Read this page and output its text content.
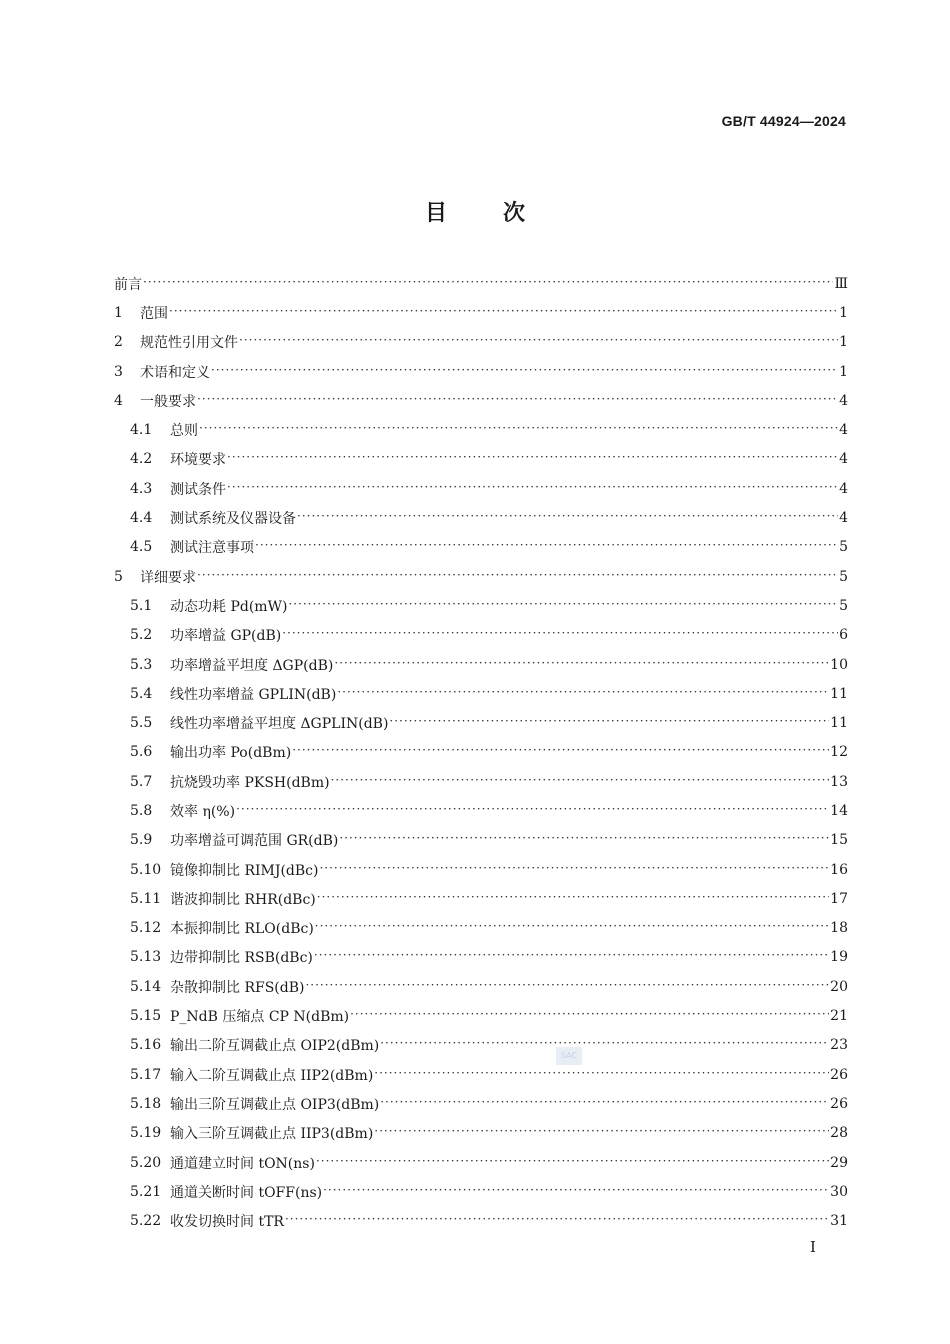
GB/T 44924—2024
目	次
前言 ·····	Ⅲ
1	范围 ·····	1
2	规范性引用文件 ·····	1
3	术语和定义 ·····	1
4	一般要求 ·····	4
4.1	总则 ·····	4
4.2	环境要求 ·····	4
4.3	测试条件 ·····	4
4.4	测试系统及仪器设备 ·····	4
4.5	测试注意事项 ·····	5
5	详细要求 ·····	5
5.1	动态功耗 Pd(mW) ·····	5
5.2	功率增益 GP(dB) ·····	6
5.3	功率增益平坦度 ΔGP(dB) ·····	10
5.4	线性功率增益 GPLIN(dB) ·····	11
5.5	线性功率增益平坦度 ΔGPLIN(dB) ·····	11
5.6	输出功率 Po(dBm) ·····	12
5.7	抗烧毁功率 PKSH(dBm) ·····	13
5.8	效率 η(%) ·····	14
5.9	功率增益可调范围 GR(dB) ·····	15
5.10 镜像抑制比 RIMJ(dBc) ·····	16
5.11 谐波抑制比 RHR(dBc) ·····	17
5.12 本振抑制比 RLO(dBc) ·····	18
5.13 边带抑制比 RSB(dBc) ·····	19
5.14 杂散抑制比 RFS(dB) ·····	20
5.15 P_NdB 压缩点 CP N(dBm) ·····	21
5.16 输出二阶互调截止点 OIP2(dBm) ·····	23
5.17 输入二阶互调截止点 IIP2(dBm) ·····	26
5.18 输出三阶互调截止点 OIP3(dBm) ·····	26
5.19 输入三阶互调截止点 IIP3(dBm) ·····	28
5.20 通道建立时间 tON(ns) ·····	29
5.21 通道关断时间 tOFF(ns) ·····	30
5.22 收发切换时间 tTR ·····	31
SAC
I
